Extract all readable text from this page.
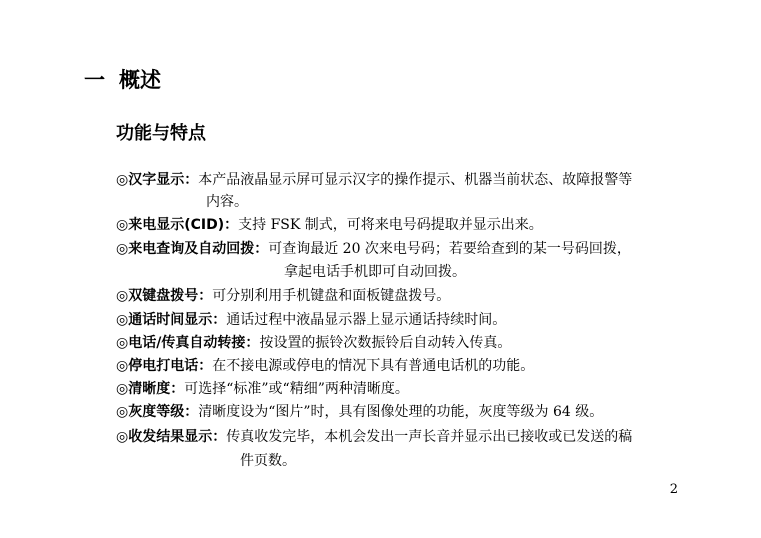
一 概述
功能与特点
◎汉字显示：本产品液晶显示屏可显示汉字的操作提示、机器当前状态、故障报警等
内容。
◎来电显示(CID)：支持 FSK 制式，可将来电号码提取并显示出来。
◎来电查询及自动回拨：可查询最近 20 次来电号码；若要给查到的某一号码回拨，
拿起电话手机即可自动回拨。
◎双键盘拨号：可分别利用手机键盘和面板键盘拨号。
◎通话时间显示：通话过程中液晶显示器上显示通话持续时间。
◎电话/传真自动转接：按设置的振铃次数振铃后自动转入传真。
◎停电打电话：在不接电源或停电的情况下具有普通电话机的功能。
◎清晰度：可选择“标准”或“精细”两种清晰度。
◎灰度等级：清晰度设为“图片”时，具有图像处理的功能，灰度等级为 64 级。
◎收发结果显示：传真收发完毕，本机会发出一声长音并显示出已接收或已发送的稿
件页数。
2
